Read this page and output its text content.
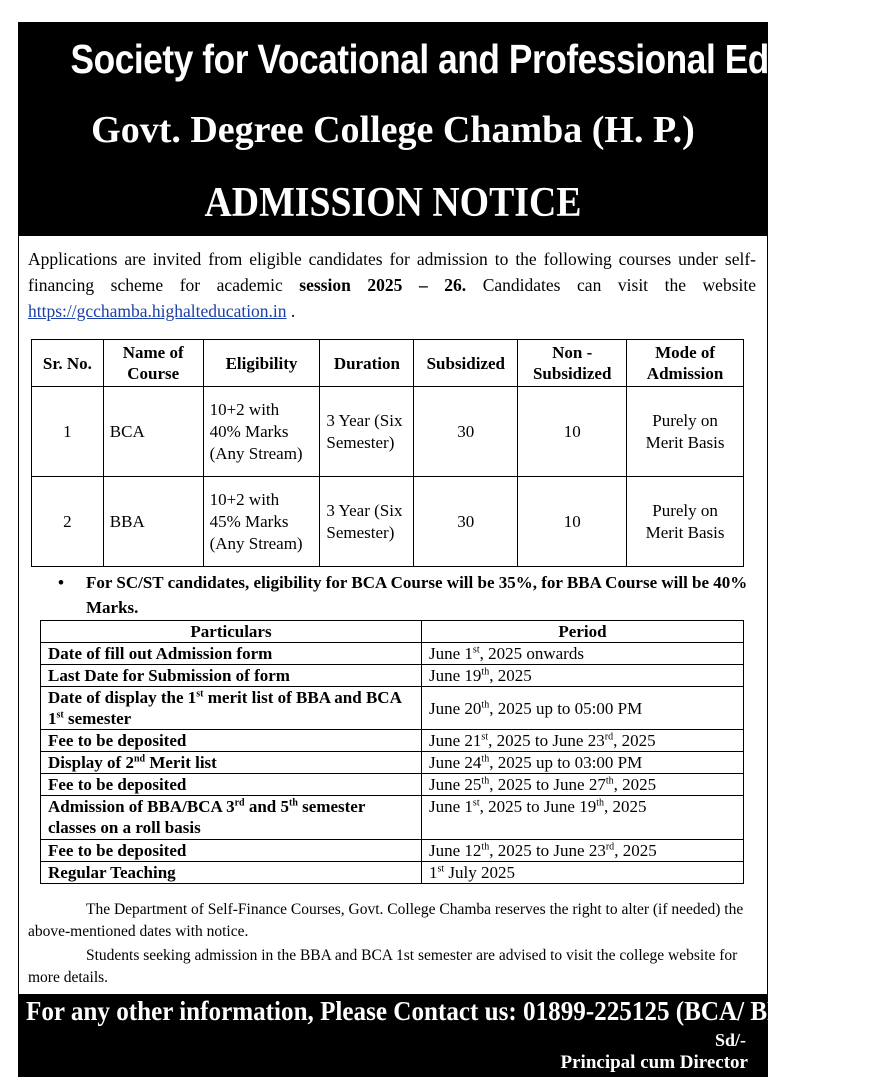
Society for Vocational and Professional Education
Govt. Degree College Chamba (H. P.)
ADMISSION NOTICE
Applications are invited from eligible candidates for admission to the following courses under self-financing scheme for academic session 2025 – 26. Candidates can visit the website https://gcchamba.highalteducation.in .
Sr. No.	Name of Course	Eligibility	Duration	Subsidized	Non - Subsidized	Mode of Admission
1	BCA	10+2 with 40% Marks (Any Stream)	3 Year (Six Semester)	30	10	Purely on Merit Basis
2	BBA	10+2 with 45% Marks (Any Stream)	3 Year (Six Semester)	30	10	Purely on Merit Basis
•	For SC/ST candidates, eligibility for BCA Course will be 35%, for BBA Course will be 40% Marks.
Particulars	Period
Date of fill out Admission form	June 1st, 2025 onwards
Last Date for Submission of form	June 19th, 2025
Date of display the 1st merit list of BBA and BCA 1st semester	June 20th, 2025 up to 05:00 PM
Fee to be deposited	June 21st, 2025 to June 23rd, 2025
Display of 2nd Merit list	June 24th, 2025 up to 03:00 PM
Fee to be deposited	June 25th, 2025 to June 27th, 2025
Admission of BBA/BCA 3rd and 5th semester classes on a roll basis	June 1st, 2025 to June 19th, 2025
Fee to be deposited	June 12th, 2025 to June 23rd, 2025
Regular Teaching	1st July 2025
The Department of Self-Finance Courses, Govt. College Chamba reserves the right to alter (if needed) the above-mentioned dates with notice.
Students seeking admission in the BBA and BCA 1st semester are advised to visit the college website for more details.
For any other information, Please Contact us: 01899-225125 (BCA/ BBA)
Sd/-
Principal cum Director
